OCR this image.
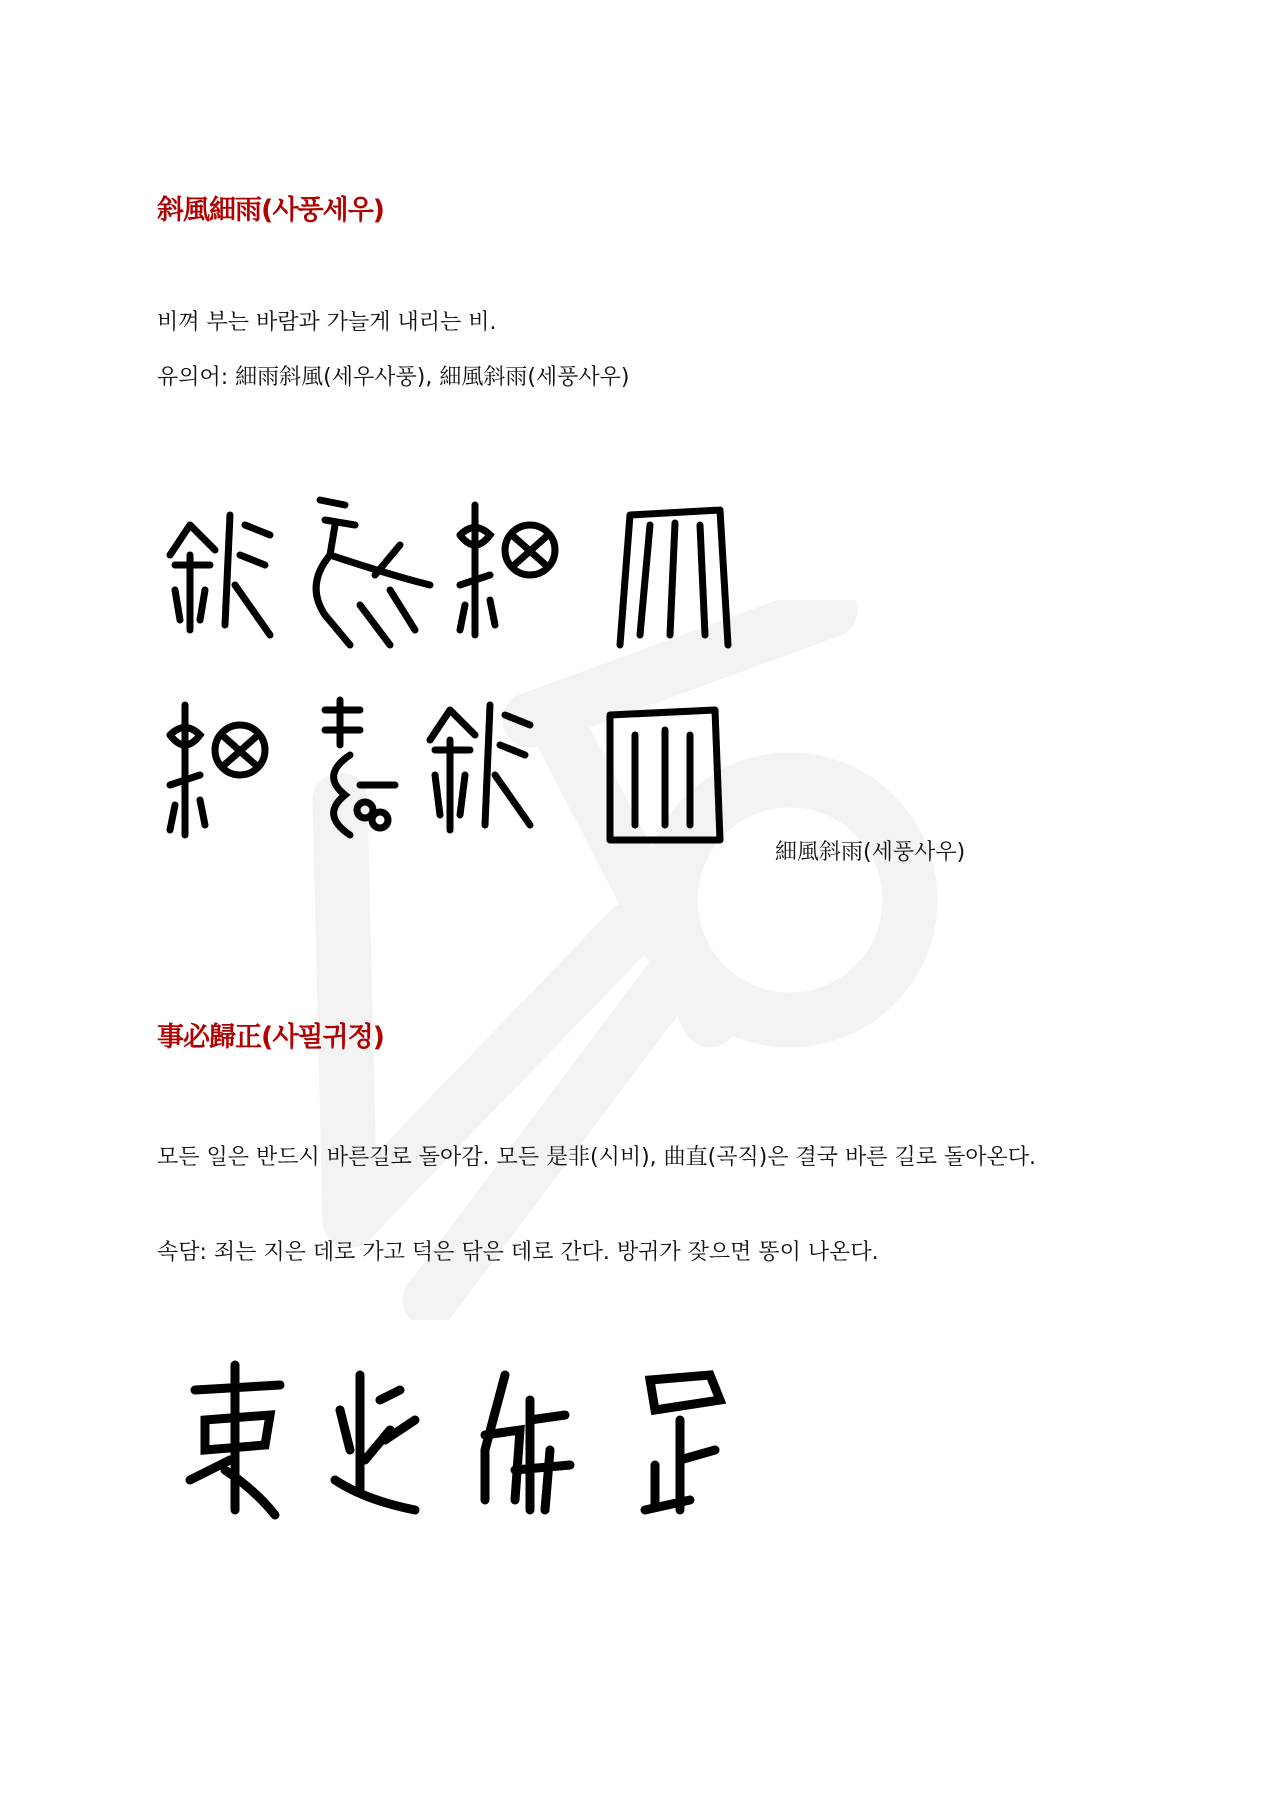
斜風細雨(사풍세우)
비껴 부는 바람과 가늘게 내리는 비.
유의어: 細雨斜風(세우사풍), 細風斜雨(세풍사우)
細風斜雨(세풍사우)
事必歸正(사필귀정)
모든 일은 반드시 바른길로 돌아감. 모든 是非(시비), 曲直(곡직)은 결국 바른 길로 돌아온다.
속담: 죄는 지은 데로 가고 덕은 닦은 데로 간다. 방귀가 잦으면 똥이 나온다.
